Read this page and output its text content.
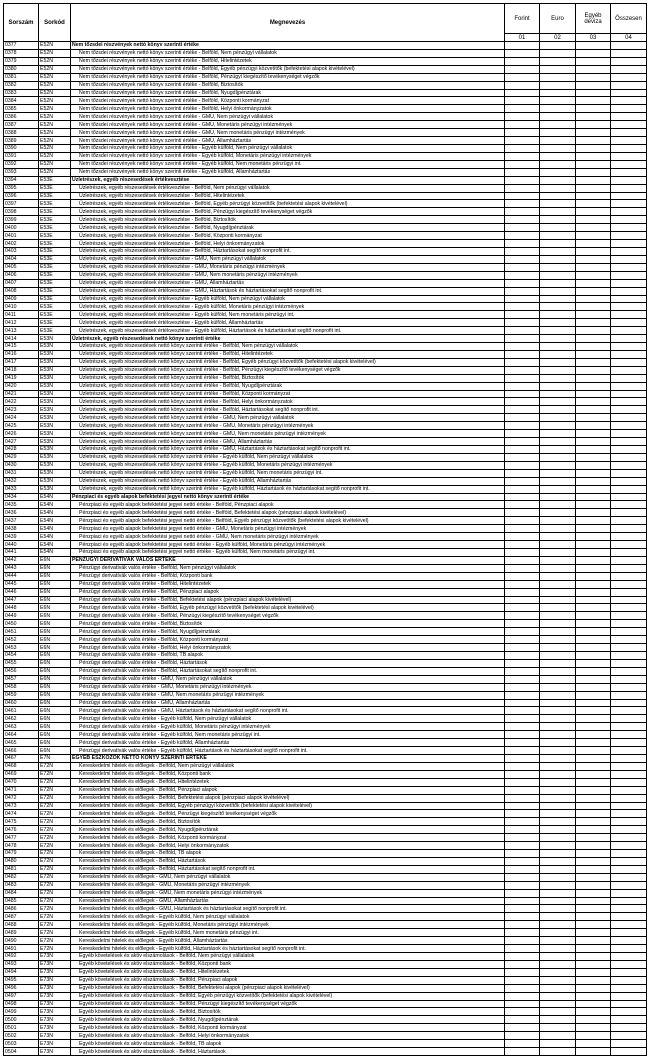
Sorszám	Sorkód	Megnevezés	Forint	Euro	Egyéb deviza	Összesen
			01	02	03	04
0377	E52N	Nem tőzsdei részvények nettó könyv szerinti értéke				
0378	E52N	Nem tőzsdei részvények nettó könyv szerinti értéke - Belföld, Nem pénzügyi vállalatok				
0379	E52N	Nem tőzsdei részvények nettó könyv szerinti értéke - Belföld, Hitelintézetek				
0380	E52N	Nem tőzsdei részvények nettó könyv szerinti értéke - Belföld, Egyéb pénzügyi közvetítők (befektetési alapok kivételével)				
0381	E52N	Nem tőzsdei részvények nettó könyv szerinti értéke - Belföld, Pénzügyi kiegészítő tevékenységet végzők				
0382	E52N	Nem tőzsdei részvények nettó könyv szerinti értéke - Belföld, Biztosítók				
0383	E52N	Nem tőzsdei részvények nettó könyv szerinti értéke - Belföld, Nyugdíjpénztárak				
0384	E52N	Nem tőzsdei részvények nettó könyv szerinti értéke - Belföld, Központi kormányzat				
0385	E52N	Nem tőzsdei részvények nettó könyv szerinti értéke - Belföld, Helyi önkormányzatok				
0386	E52N	Nem tőzsdei részvények nettó könyv szerinti értéke - GMU, Nem pénzügyi vállalatok				
0387	E52N	Nem tőzsdei részvények nettó könyv szerinti értéke - GMU, Monetáris pénzügyi intézmények				
0388	E52N	Nem tőzsdei részvények nettó könyv szerinti értéke - GMU, Nem monetáris pénzügyi intézmények				
0389	E52N	Nem tőzsdei részvények nettó könyv szerinti értéke - GMU, Államháztartás				
0390	E52N	Nem tőzsdei részvények nettó könyv szerinti értéke - Egyéb külföld, Nem pénzügyi vállalatok				
0391	E52N	Nem tőzsdei részvények nettó könyv szerinti értéke - Egyéb külföld, Monetáris pénzügyi intézmények				
0392	E52N	Nem tőzsdei részvények nettó könyv szerinti értéke - Egyéb külföld, Nem monetáris pénzügyi int.				
0393	E52N	Nem tőzsdei részvények nettó könyv szerinti értéke - Egyéb külföld, Államháztartás				
0394	E53E	Üzletrészek, egyéb részesedések értékvesztése				
0395	E53E	Üzletrészek, egyéb részesedések értékvesztése - Belföld, Nem pénzügyi vállalatok				
0396	E53E	Üzletrészek, egyéb részesedések értékvesztése - Belföld, Hitelintézetek				
0397	E53E	Üzletrészek, egyéb részesedések értékvesztése - Belföld, Egyéb pénzügyi közvetítők (befektetési alapok kivételével)				
0398	E53E	Üzletrészek, egyéb részesedések értékvesztése - Belföld, Pénzügyi kiegészítő tevékenységet végzők				
0399	E53E	Üzletrészek, egyéb részesedések értékvesztése - Belföld, Biztosítók				
0400	E53E	Üzletrészek, egyéb részesedések értékvesztése - Belföld, Nyugdíjpénztárak				
0401	E53E	Üzletrészek, egyéb részesedések értékvesztése - Belföld, Központi kormányzat				
0402	E53E	Üzletrészek, egyéb részesedések értékvesztése - Belföld, Helyi önkormányzatok				
0403	E53E	Üzletrészek, egyéb részesedések értékvesztése - Belföld, Háztartásokat segítő nonprofit int.				
0404	E53E	Üzletrészek, egyéb részesedések értékvesztése - GMU, Nem pénzügyi vállalatok				
0405	E53E	Üzletrészek, egyéb részesedések értékvesztése - GMU, Monetáris pénzügyi intézmények				
0406	E53E	Üzletrészek, egyéb részesedések értékvesztése - GMU, Nem monetáris pénzügyi intézmények				
0407	E53E	Üzletrészek, egyéb részesedések értékvesztése - GMU, Államháztartás				
0408	E53E	Üzletrészek, egyéb részesedések értékvesztése - GMU, Háztartások és háztartásokat segítő nonprofit int.				
0409	E53E	Üzletrészek, egyéb részesedések értékvesztése - Egyéb külföld, Nem pénzügyi vállalatok				
0410	E53E	Üzletrészek, egyéb részesedések értékvesztése - Egyéb külföld, Monetáris pénzügyi intézmények				
0411	E53E	Üzletrészek, egyéb részesedések értékvesztése - Egyéb külföld, Nem monetáris pénzügyi int.				
0412	E53E	Üzletrészek, egyéb részesedések értékvesztése - Egyéb külföld, Államháztartás				
0413	E53E	Üzletrészek, egyéb részesedések értékvesztése - Egyéb külföld, Háztartások és háztartásokat segítő nonprofit int.				
0414	E53N	Üzletrészek, egyéb részesedések nettó könyv szerinti értéke				
0415	E53N	Üzletrészek, egyéb részesedések nettó könyv szerinti értéke - Belföld, Nem pénzügyi vállalatok				
0416	E53N	Üzletrészek, egyéb részesedések nettó könyv szerinti értéke - Belföld, Hitelintézetek				
0417	E53N	Üzletrészek, egyéb részesedések nettó könyv szerinti értéke - Belföld, Egyéb pénzügyi közvetítők (befektetési alapok kivételével)				
0418	E53N	Üzletrészek, egyéb részesedések nettó könyv szerinti értéke - Belföld, Pénzügyi kiegészítő tevékenységet végzők				
0419	E53N	Üzletrészek, egyéb részesedések nettó könyv szerinti értéke - Belföld, Biztosítók				
0420	E53N	Üzletrészek, egyéb részesedések nettó könyv szerinti értéke - Belföld, Nyugdíjpénztárak				
0421	E53N	Üzletrészek, egyéb részesedések nettó könyv szerinti értéke - Belföld, Központi kormányzat				
0422	E53N	Üzletrészek, egyéb részesedések nettó könyv szerinti értéke - Belföld, Helyi önkormányzatok				
0423	E53N	Üzletrészek, egyéb részesedések nettó könyv szerinti értéke - Belföld, Háztartásokat segítő nonprofit int.				
0424	E53N	Üzletrészek, egyéb részesedések nettó könyv szerinti értéke - GMU, Nem pénzügyi vállalatok				
0425	E53N	Üzletrészek, egyéb részesedések nettó könyv szerinti értéke - GMU, Monetáris pénzügyi intézmények				
0426	E53N	Üzletrészek, egyéb részesedések nettó könyv szerinti értéke - GMU, Nem monetáris pénzügyi intézmények				
0427	E53N	Üzletrészek, egyéb részesedések nettó könyv szerinti értéke - GMU, Államháztartás				
0428	E53N	Üzletrészek, egyéb részesedések nettó könyv szerinti értéke - GMU, Háztartások és háztartásokat segítő nonprofit int.				
0429	E53N	Üzletrészek, egyéb részesedések nettó könyv szerinti értéke - Egyéb külföld, Nem pénzügyi vállalatok				
0430	E53N	Üzletrészek, egyéb részesedések nettó könyv szerinti értéke - Egyéb külföld, Monetáris pénzügyi intézmények				
0431	E53N	Üzletrészek, egyéb részesedések nettó könyv szerinti értéke - Egyéb külföld, Nem monetáris pénzügyi int.				
0432	E53N	Üzletrészek, egyéb részesedések nettó könyv szerinti értéke - Egyéb külföld, Államháztartás				
0433	E53N	Üzletrészek, egyéb részesedések nettó könyv szerinti értéke - Egyéb külföld, Háztartások és háztartásokat segítő nonprofit int.				
0434	E54N	Pénzpiaci és egyéb alapok befektetési jegyei nettó könyv szerinti értéke				
0435	E54N	Pénzpiaci és egyéb alapok befektetési jegyei nettó értéke - Belföld, Pénzpiaci alapok				
0436	E54N	Pénzpiaci és egyéb alapok befektetési jegyei nettó értéke - Belföld, Befektetési alapok (pénzpiaci alapok kivételével)				
0437	E54N	Pénzpiaci és egyéb alapok befektetési jegyei nettó értéke - Belföld, Egyéb pénzügyi közvetítők (befektetési alapok kivételével)				
0438	E54N	Pénzpiaci és egyéb alapok befektetési jegyei nettó értéke - GMU, Monetáris pénzügyi intézmények				
0439	E54N	Pénzpiaci és egyéb alapok befektetési jegyei nettó értéke - GMU, Nem monetáris pénzügyi intézmények				
0440	E54N	Pénzpiaci és egyéb alapok befektetési jegyei nettó értéke - Egyéb külföld, Monetáris pénzügyi intézmények				
0441	E54N	Pénzpiaci és egyéb alapok befektetési jegyei nettó értéke - Egyéb külföld, Nem monetáris pénzügyi int.				
0442	E6N	PÉNZÜGYI DERIVATÍVÁK VALÓS ÉRTÉKE				
0443	E6N	Pénzügyi derivatívák valós értéke - Belföld, Nem pénzügyi vállalatok				
0444	E6N	Pénzügyi derivatívák valós értéke - Belföld, Központi bank				
0445	E6N	Pénzügyi derivatívák valós értéke - Belföld, Hitelintézetek				
0446	E6N	Pénzügyi derivatívák valós értéke - Belföld, Pénzpiaci alapok				
0447	E6N	Pénzügyi derivatívák valós értéke - Belföld, Befektetési alapok (pénzpiaci alapok kivételével)				
0448	E6N	Pénzügyi derivatívák valós értéke - Belföld, Egyéb pénzügyi közvetítők (befektetési alapok kivételével)				
0449	E6N	Pénzügyi derivatívák valós értéke - Belföld, Pénzügyi kiegészítő tevékenységet végzők				
0450	E6N	Pénzügyi derivatívák valós értéke - Belföld, Biztosítók				
0451	E6N	Pénzügyi derivatívák valós értéke - Belföld, Nyugdíjpénztárak				
0452	E6N	Pénzügyi derivatívák valós értéke - Belföld, Központi kormányzat				
0453	E6N	Pénzügyi derivatívák valós értéke - Belföld, Helyi önkormányzatok				
0454	E6N	Pénzügyi derivatívák valós értéke - Belföld, TB alapok				
0455	E6N	Pénzügyi derivatívák valós értéke - Belföld, Háztartások				
0456	E6N	Pénzügyi derivatívák valós értéke - Belföld, Háztartásokat segítő nonprofit int.				
0457	E6N	Pénzügyi derivatívák valós értéke - GMU, Nem pénzügyi vállalatok				
0458	E6N	Pénzügyi derivatívák valós értéke - GMU, Monetáris pénzügyi intézmények				
0459	E6N	Pénzügyi derivatívák valós értéke - GMU, Nem monetáris pénzügyi intézmények				
0460	E6N	Pénzügyi derivatívák valós értéke - GMU, Államháztartás				
0461	E6N	Pénzügyi derivatívák valós értéke - GMU, Háztartások és háztartásokat segítő nonprofit int.				
0462	E6N	Pénzügyi derivatívák valós értéke - Egyéb külföld, Nem pénzügyi vállalatok				
0463	E6N	Pénzügyi derivatívák valós értéke - Egyéb külföld, Monetáris pénzügyi intézmények				
0464	E6N	Pénzügyi derivatívák valós értéke - Egyéb külföld, Nem monetáris pénzügyi int.				
0465	E6N	Pénzügyi derivatívák valós értéke - Egyéb külföld, Államháztartás				
0466	E6N	Pénzügyi derivatívák valós értéke - Egyéb külföld, Háztartások és háztartásokat segítő nonprofit int.				
0467	E7N	EGYÉB ESZKÖZÖK NETTÓ KÖNYV SZERINTI ÉRTÉKE				
0468	E72N	Kereskedelmi hitelek és előlegek - Belföld, Nem pénzügyi vállalatok				
0469	E72N	Kereskedelmi hitelek és előlegek - Belföld, Központi bank				
0470	E72N	Kereskedelmi hitelek és előlegek - Belföld, Hitelintézetek				
0471	E72N	Kereskedelmi hitelek és előlegek - Belföld, Pénzpiaci alapok				
0472	E72N	Kereskedelmi hitelek és előlegek - Belföld, Befektetési alapok (pénzpiaci alapok kivételével)				
0473	E72N	Kereskedelmi hitelek és előlegek - Belföld, Egyéb pénzügyi közvetítők (befektetési alapok kivételével)				
0474	E72N	Kereskedelmi hitelek és előlegek - Belföld, Pénzügyi kiegészítő tevékenységet végzők				
0475	E72N	Kereskedelmi hitelek és előlegek - Belföld, Biztosítók				
0476	E72N	Kereskedelmi hitelek és előlegek - Belföld, Nyugdíjpénztárak				
0477	E72N	Kereskedelmi hitelek és előlegek - Belföld, Központi kormányzat				
0478	E72N	Kereskedelmi hitelek és előlegek - Belföld, Helyi önkormányzatok				
0479	E72N	Kereskedelmi hitelek és előlegek - Belföld, TB alapok				
0480	E72N	Kereskedelmi hitelek és előlegek - Belföld, Háztartások				
0481	E72N	Kereskedelmi hitelek és előlegek - Belföld, Háztartásokat segítő nonprofit int.				
0482	E72N	Kereskedelmi hitelek és előlegek - GMU, Nem pénzügyi vállalatok				
0483	E72N	Kereskedelmi hitelek és előlegek - GMU, Monetáris pénzügyi intézmények				
0484	E72N	Kereskedelmi hitelek és előlegek - GMU, Nem monetáris pénzügyi intézmények				
0485	E72N	Kereskedelmi hitelek és előlegek - GMU, Államháztartás				
0486	E72N	Kereskedelmi hitelek és előlegek - GMU, Háztartások és háztartásokat segítő nonprofit int.				
0487	E72N	Kereskedelmi hitelek és előlegek - Egyéb külföld, Nem pénzügyi vállalatok				
0488	E72N	Kereskedelmi hitelek és előlegek - Egyéb külföld, Monetáris pénzügyi intézmények				
0489	E72N	Kereskedelmi hitelek és előlegek - Egyéb külföld, Nem monetáris pénzügyi int.				
0490	E72N	Kereskedelmi hitelek és előlegek - Egyéb külföld, Államháztartás				
0491	E72N	Kereskedelmi hitelek és előlegek - Egyéb külföld, Háztartások és háztartásokat segítő nonprofit int.				
0492	E73N	Egyéb követelések és aktív elszámolások - Belföld, Nem pénzügyi vállalatok				
0493	E73N	Egyéb követelések és aktív elszámolások - Belföld, Központi bank				
0494	E73N	Egyéb követelések és aktív elszámolások - Belföld, Hitelintézetek				
0495	E73N	Egyéb követelések és aktív elszámolások - Belföld, Pénzpiaci alapok				
0496	E73N	Egyéb követelések és aktív elszámolások - Belföld, Befektetési alapok (pénzpiaci alapok kivételével)				
0497	E73N	Egyéb követelések és aktív elszámolások - Belföld, Egyéb pénzügyi közvetítők (befektetési alapok kivételével)				
0498	E73N	Egyéb követelések és aktív elszámolások - Belföld, Pénzügyi kiegészítő tevékenységet végzők				
0499	E73N	Egyéb követelések és aktív elszámolások - Belföld, Biztosítók				
0500	E73N	Egyéb követelések és aktív elszámolások - Belföld, Nyugdíjpénztárak				
0501	E73N	Egyéb követelések és aktív elszámolások - Belföld, Központi kormányzat				
0502	E73N	Egyéb követelések és aktív elszámolások - Belföld, Helyi önkormányzatok				
0503	E73N	Egyéb követelések és aktív elszámolások - Belföld, TB alapok				
0504	E73N	Egyéb követelések és aktív elszámolások - Belföld, Háztartások				
